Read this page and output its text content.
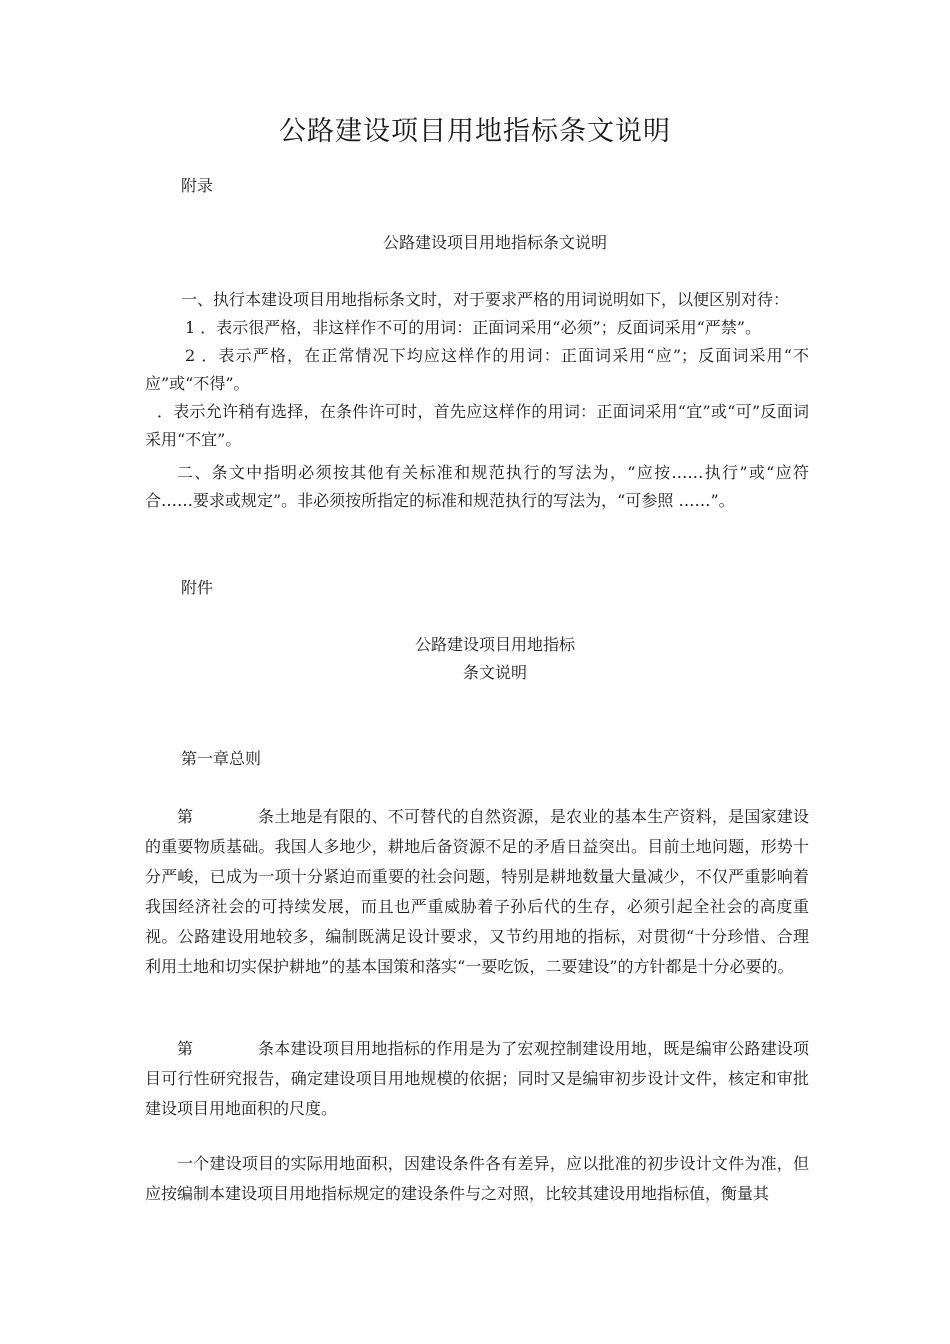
公路建设项目用地指标条文说明

附录

公路建设项目用地指标条文说明

一、执行本建设项目用地指标条文时，对于要求严格的用词说明如下，以便区别对待：

1 ．表示很严格，非这样作不可的用词：正面词采用“必须”；反面词采用“严禁”。

2 ．表示严格，在正常情况下均应这样作的用词：正面词采用“应”；反面词采用“不应”或“不得”。

．表示允许稍有选择，在条件许可时，首先应这样作的用词：正面词采用“宜”或“可”反面词采用“不宜”。

二、条文中指明必须按其他有关标准和规范执行的写法为，“应按……执行”或“应符合……要求或规定”。非必须按所指定的标准和规范执行的写法为，“可参照 ……”。

附件

公路建设项目用地指标

条文说明

第一章总则

第　　　　条土地是有限的、不可替代的自然资源，是农业的基本生产资料，是国家建设的重要物质基础。我国人多地少，耕地后备资源不足的矛盾日益突出。目前土地问题，形势十分严峻，已成为一项十分紧迫而重要的社会问题，特别是耕地数量大量减少，不仅严重影响着我国经济社会的可持续发展，而且也严重威胁着子孙后代的生存，必须引起全社会的高度重视。公路建设用地较多，编制既满足设计要求，又节约用地的指标，对贯彻“十分珍惜、合理利用土地和切实保护耕地”的基本国策和落实“一要吃饭，二要建设”的方针都是十分必要的。

第　　　　条本建设项目用地指标的作用是为了宏观控制建设用地，既是编审公路建设项目可行性研究报告，确定建设项目用地规模的依据；同时又是编审初步设计文件，核定和审批建设项目用地面积的尺度。

一个建设项目的实际用地面积，因建设条件各有差异，应以批准的初步设计文件为准，但应按编制本建设项目用地指标规定的建设条件与之对照，比较其建设用地指标值，衡量其
